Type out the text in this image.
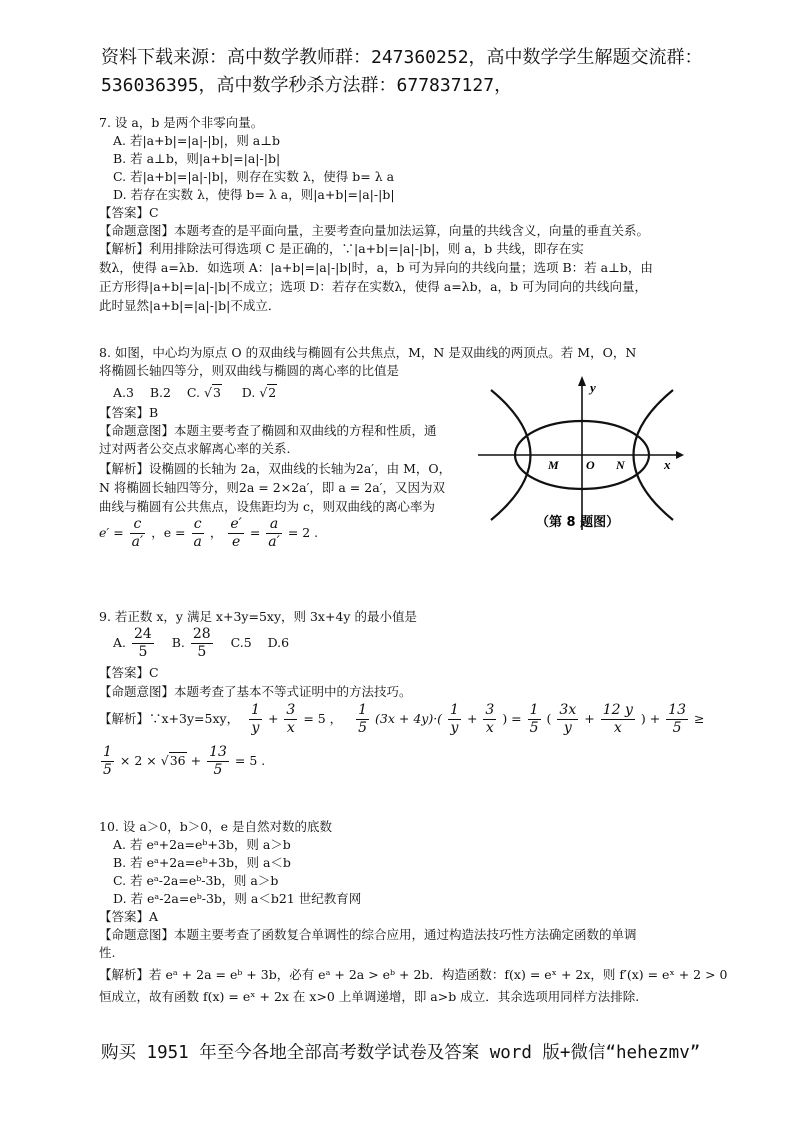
资料下载来源：高中数学教师群：247360252，高中数学学生解题交流群：
536036395，高中数学秒杀方法群：677837127，
7. 设 a，b 是两个非零向量。
A. 若|a+b|=|a|-|b|，则 a⊥b
B. 若 a⊥b，则|a+b|=|a|-|b|
C. 若|a+b|=|a|-|b|，则存在实数 λ，使得 b= λ a
D. 若存在实数 λ，使得 b= λ a，则|a+b|=|a|-|b|
【答案】C
【命题意图】本题考查的是平面向量，主要考查向量加法运算，向量的共线含义，向量的垂直关系。
【解析】利用排除法可得选项 C 是正确的，∵|a+b|=|a|-|b|，则 a，b 共线，即存在实
数λ，使得 a=λb．如选项 A：|a+b|=|a|-|b|时，a，b 可为异向的共线向量；选项 B：若 a⊥b，由
正方形得|a+b|=|a|-|b|不成立；选项 D：若存在实数λ，使得 a=λb，a，b 可为同向的共线向量，
此时显然|a+b|=|a|-|b|不成立．
8. 如图，中心均为原点 O 的双曲线与椭圆有公共焦点，M，N 是双曲线的两顶点。若 M，O，N
将椭圆长轴四等分，则双曲线与椭圆的离心率的比值是
A.3 B.2 C. √3 D. √2
【答案】B
【命题意图】本题主要考查了椭圆和双曲线的方程和性质，通
过对两者公交点求解离心率的关系.
【解析】设椭圆的长轴为 2a，双曲线的长轴为2a′，由 M，O，
N 将椭圆长轴四等分，则2a = 2×2a′，即 a = 2a′，又因为双
曲线与椭圆有公共焦点，设焦距均为 c，则双曲线的离心率为
$e' = \frac{c}{a'}$ ，$e = \frac{c}{a}$ ， $\frac{e'}{e} = \frac{a}{a'} = 2$ .
y
x
M O N
（第 8 题图）
9. 若正数 x，y 满足 x+3y=5xy，则 3x+4y 的最小值是
A. $\frac{24}{5} B$. $\frac{28}{5} C.5$ D.6
【答案】C
【命题意图】本题考查了基本不等式证明中的方法技巧。
【解析】∵x+3y=5xy， $\frac{1}{y} + \frac{3}{x} = 5$ ， $\frac{1}{5} (3x + 4y)\cdot( \frac{1}{y} + \frac{3}{x}$ ) = $\frac{1}{5}$ ( $\frac{3x}{y} + \frac{12 y}{x}$ ) + $\frac{13}{5}$ ≥
$\frac{1}{5} \times 2 \times √36 + \frac{13}{5} = 5$ .
10. 设 a＞0，b＞0，e 是自然对数的底数
A. 若 eᵃ+2a=eᵇ+3b，则 a＞b
B. 若 eᵃ+2a=eᵇ+3b，则 a＜b
C. 若 eᵃ-2a=eᵇ-3b，则 a＞b
D. 若 eᵃ-2a=eᵇ-3b，则 a＜b21 世纪教育网
【答案】A
【命题意图】本题主要考查了函数复合单调性的综合应用，通过构造法技巧性方法确定函数的单调
性.
【解析】若 eᵃ + 2a = eᵇ + 3b，必有 eᵃ + 2a > eᵇ + 2b．构造函数：f(x) = eˣ + 2x，则 f′(x) = eˣ + 2 > 0
恒成立，故有函数 f(x) = eˣ + 2x 在 x>0 上单调递增，即 a>b 成立．其余选项用同样方法排除.
购买 1951 年至今各地全部高考数学试卷及答案 word 版+微信“hehezmv”
